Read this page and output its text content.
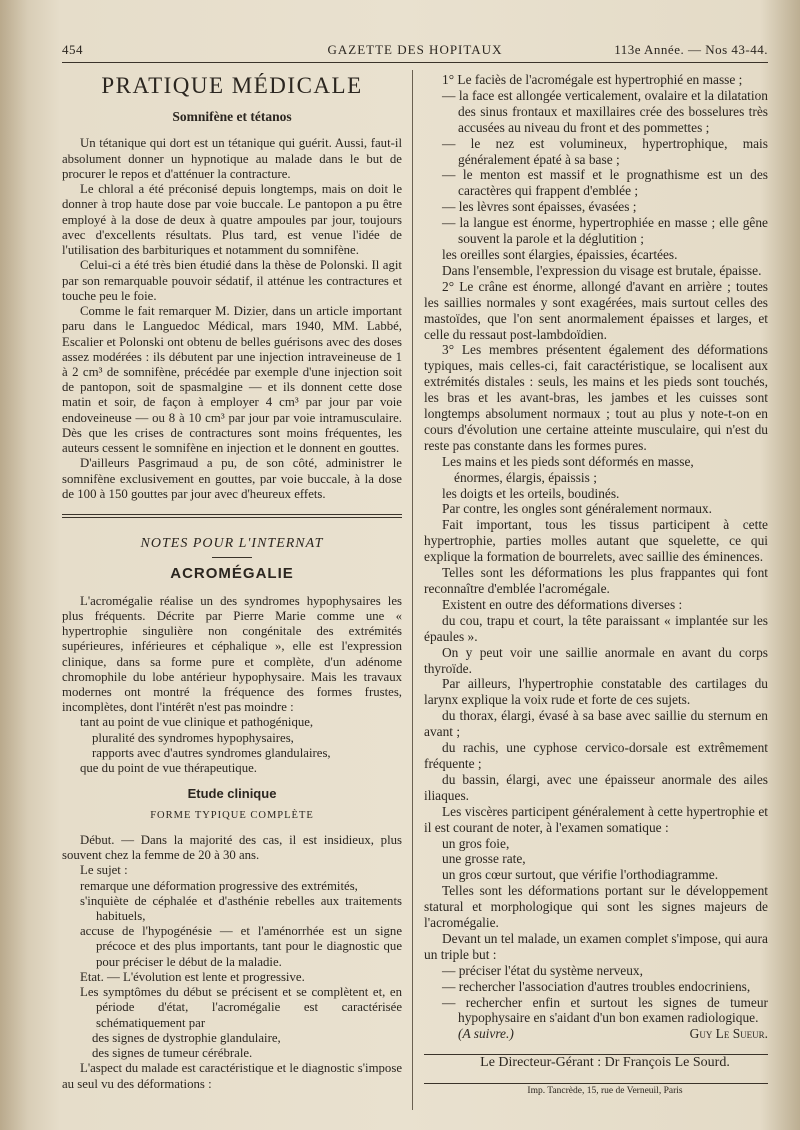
454	GAZETTE DES HOPITAUX	113e Année. — Nos 43-44.
PRATIQUE MÉDICALE
Somnifène et tétanos

Un tétanique qui dort est un tétanique qui guérit. Aussi, faut-il absolument donner un hypnotique au malade dans le but de procurer le repos et d'atténuer la contracture.

Le chloral a été préconisé depuis longtemps, mais on doit le donner à trop haute dose par voie buccale. Le pantopon a pu être employé à la dose de deux à quatre ampoules par jour, toujours avec d'excellents résultats. Plus tard, est venue l'idée de l'utilisation des barbituriques et notamment du somnifène.

Celui-ci a été très bien étudié dans la thèse de Polonski. Il agit par son remarquable pouvoir sédatif, il atténue les contractures et touche peu le foie.

Comme le fait remarquer M. Dizier, dans un article important paru dans le Languedoc Médical, mars 1940, MM. Labbé, Escalier et Polonski ont obtenu de belles guérisons avec des doses assez modérées : ils débutent par une injection intraveineuse de 1 à 2 cm³ de somnifène, précédée par exemple d'une injection soit de pantopon, soit de spasmalgine — et ils donnent cette dose matin et soir, de façon à employer 4 cm³ par jour par voie endoveineuse — ou 8 à 10 cm³ par jour par voie intramusculaire. Dès que les crises de contractures sont moins fréquentes, les auteurs cessent le somnifène en injection et le donnent en gouttes.

D'ailleurs Pasgrimaud a pu, de son côté, administrer le somnifène exclusivement en gouttes, par voie buccale, à la dose de 100 à 150 gouttes par jour avec d'heureux effets.

NOTES POUR L'INTERNAT
ACROMÉGALIE

L'acromégalie réalise un des syndromes hypophysaires les plus fréquents. Décrite par Pierre Marie comme une « hypertrophie singulière non congénitale des extrémités supérieures, inférieures et céphalique », elle est l'expression clinique, dans sa forme pure et complète, d'un adénome chromophile du lobe antérieur hypophysaire. Mais les travaux modernes ont montré la fréquence des formes frustes, incomplètes, dont l'intérêt n'est pas moindre :

tant au point de vue clinique et pathogénique,

pluralité des syndromes hypophysaires,

rapports avec d'autres syndromes glandulaires,

que du point de vue thérapeutique.

Etude clinique
FORME TYPIQUE COMPLÈTE

Début. — Dans la majorité des cas, il est insidieux, plus souvent chez la femme de 20 à 30 ans.

Le sujet :

remarque une déformation progressive des extrémités,

s'inquiète de céphalée et d'asthénie rebelles aux traitements habituels,

accuse de l'hypogénésie — et l'aménorrhée est un signe précoce et des plus importants, tant pour le diagnostic que pour préciser le début de la maladie.

Etat. — L'évolution est lente et progressive.

Les symptômes du début se précisent et se complètent et, en période d'état, l'acromégalie est caractérisée schématiquement par

des signes de dystrophie glandulaire,

des signes de tumeur cérébrale.

L'aspect du malade est caractéristique et le diagnostic s'impose au seul vu des déformations :

1° Le faciès de l'acromégale est hypertrophié en masse ;

— la face est allongée verticalement, ovalaire et la dilatation des sinus frontaux et maxillaires crée des bosselures très accusées au niveau du front et des pommettes ;

— le nez est volumineux, hypertrophique, mais généralement épaté à sa base ;

— le menton est massif et le prognathisme est un des caractères qui frappent d'emblée ;

— les lèvres sont épaisses, évasées ;

— la langue est énorme, hypertrophiée en masse ; elle gêne souvent la parole et la déglutition ;

les oreilles sont élargies, épaissies, écartées.

Dans l'ensemble, l'expression du visage est brutale, épaisse.

2° Le crâne est énorme, allongé d'avant en arrière ; toutes les saillies normales y sont exagérées, mais surtout celles des mastoïdes, que l'on sent anormalement épaisses et larges, et celle du ressaut post-lambdoïdien.

3° Les membres présentent également des déformations typiques, mais celles-ci, fait caractéristique, se localisent aux extrémités distales : seuls, les mains et les pieds sont touchés, les bras et les avant-bras, les jambes et les cuisses sont longtemps absolument normaux ; tout au plus y note-t-on en cours d'évolution une certaine atteinte musculaire, qui n'est du reste pas constante dans les formes pures.

Les mains et les pieds sont déformés en masse,

énormes, élargis, épaissis ;

les doigts et les orteils, boudinés.

Par contre, les ongles sont généralement normaux.

Fait important, tous les tissus participent à cette hypertrophie, parties molles autant que squelette, ce qui explique la formation de bourrelets, avec saillie des éminences.

Telles sont les déformations les plus frappantes qui font reconnaître d'emblée l'acromégale.

Existent en outre des déformations diverses :

du cou, trapu et court, la tête paraissant « implantée sur les épaules ».

On y peut voir une saillie anormale en avant du corps thyroïde.

Par ailleurs, l'hypertrophie constatable des cartilages du larynx explique la voix rude et forte de ces sujets.

du thorax, élargi, évasé à sa base avec saillie du sternum en avant ;

du rachis, une cyphose cervico-dorsale est extrêmement fréquente ;

du bassin, élargi, avec une épaisseur anormale des ailes iliaques.

Les viscères participent généralement à cette hypertrophie et il est courant de noter, à l'examen somatique :

un gros foie,

une grosse rate,

un gros cœur surtout, que vérifie l'orthodiagramme.

Telles sont les déformations portant sur le développement statural et morphologique qui sont les signes majeurs de l'acromégalie.

Devant un tel malade, un examen complet s'impose, qui aura un triple but :

— préciser l'état du système nerveux,

— rechercher l'association d'autres troubles endocriniens,

— rechercher enfin et surtout les signes de tumeur hypophysaire en s'aidant d'un bon examen radiologique.

(A suivre.)	Guy Le Sueur.

Le Directeur-Gérant : Dr François Le Sourd.

Imp. Tancrède, 15, rue de Verneuil, Paris
